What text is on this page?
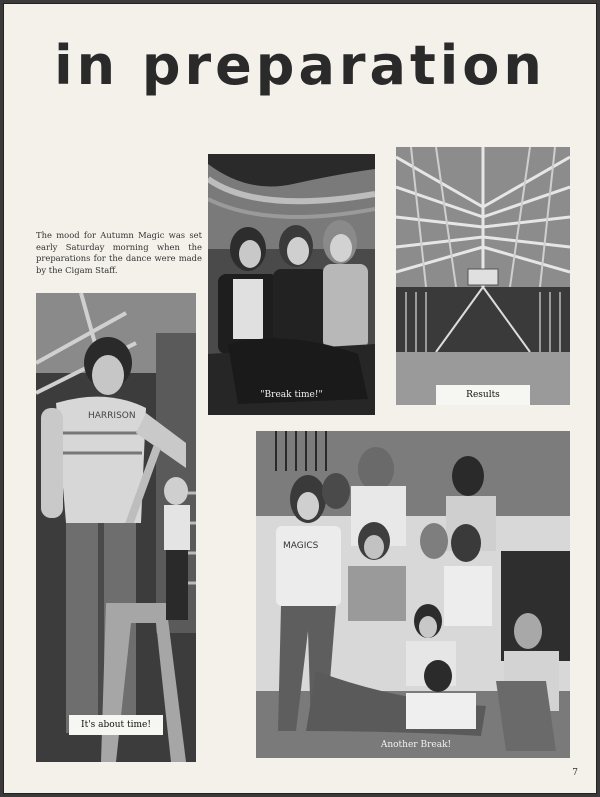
in preparation

The mood for Autumn Magic was set early Saturday morning when the preparations for the dance were made by the Cigam Staff.

"Break time!"	Results
HARRISON
It's about time!
MAGICS
Another Break!
7
